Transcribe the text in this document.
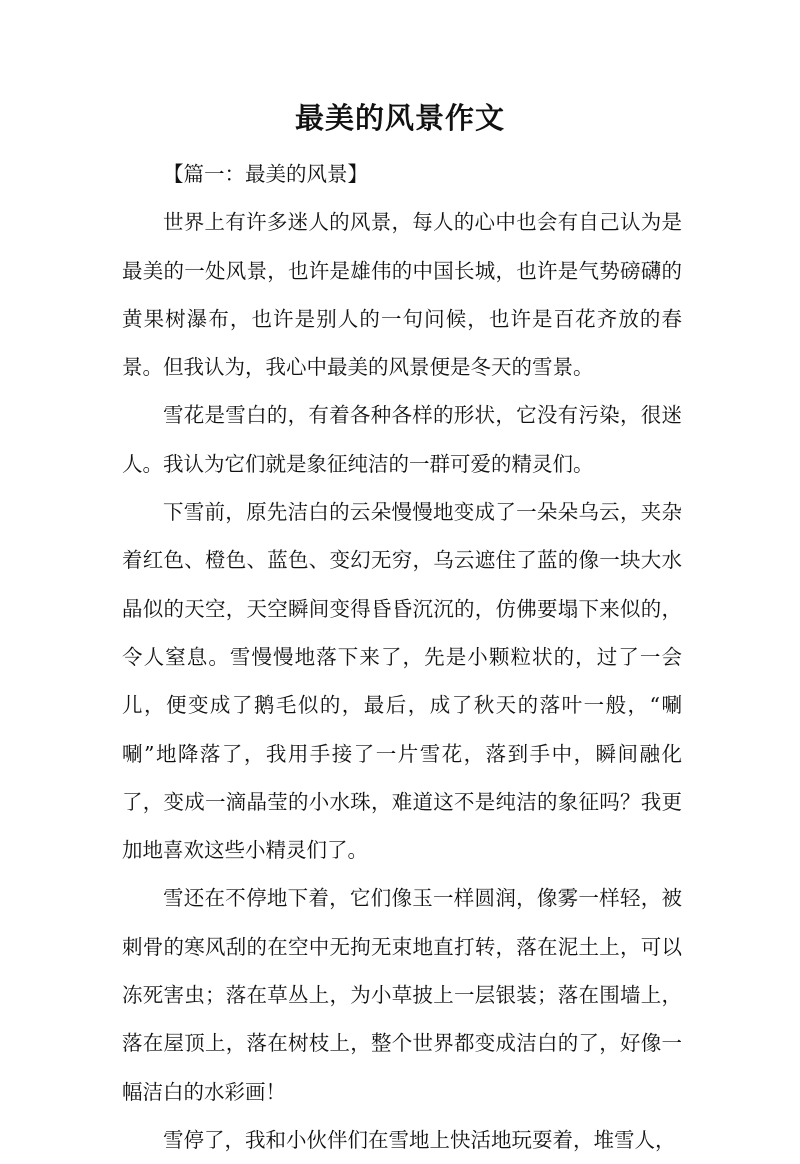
最美的风景作文

【篇一：最美的风景】

世界上有许多迷人的风景，每人的心中也会有自己认为是最美的一处风景，也许是雄伟的中国长城，也许是气势磅礴的黄果树瀑布，也许是别人的一句问候，也许是百花齐放的春景。但我认为，我心中最美的风景便是冬天的雪景。

雪花是雪白的，有着各种各样的形状，它没有污染，很迷人。我认为它们就是象征纯洁的一群可爱的精灵们。

下雪前，原先洁白的云朵慢慢地变成了一朵朵乌云，夹杂着红色、橙色、蓝色、变幻无穷，乌云遮住了蓝的像一块大水晶似的天空，天空瞬间变得昏昏沉沉的，仿佛要塌下来似的，令人窒息。雪慢慢地落下来了，先是小颗粒状的，过了一会儿，便变成了鹅毛似的，最后，成了秋天的落叶一般，“唰唰”地降落了，我用手接了一片雪花，落到手中，瞬间融化了，变成一滴晶莹的小水珠，难道这不是纯洁的象征吗？我更加地喜欢这些小精灵们了。

雪还在不停地下着，它们像玉一样圆润，像雾一样轻，被刺骨的寒风刮的在空中无拘无束地直打转，落在泥土上，可以冻死害虫；落在草丛上，为小草披上一层银装；落在围墙上，落在屋顶上，落在树枝上，整个世界都变成洁白的了，好像一幅洁白的水彩画！

雪停了，我和小伙伴们在雪地上快活地玩耍着，堆雪人，
